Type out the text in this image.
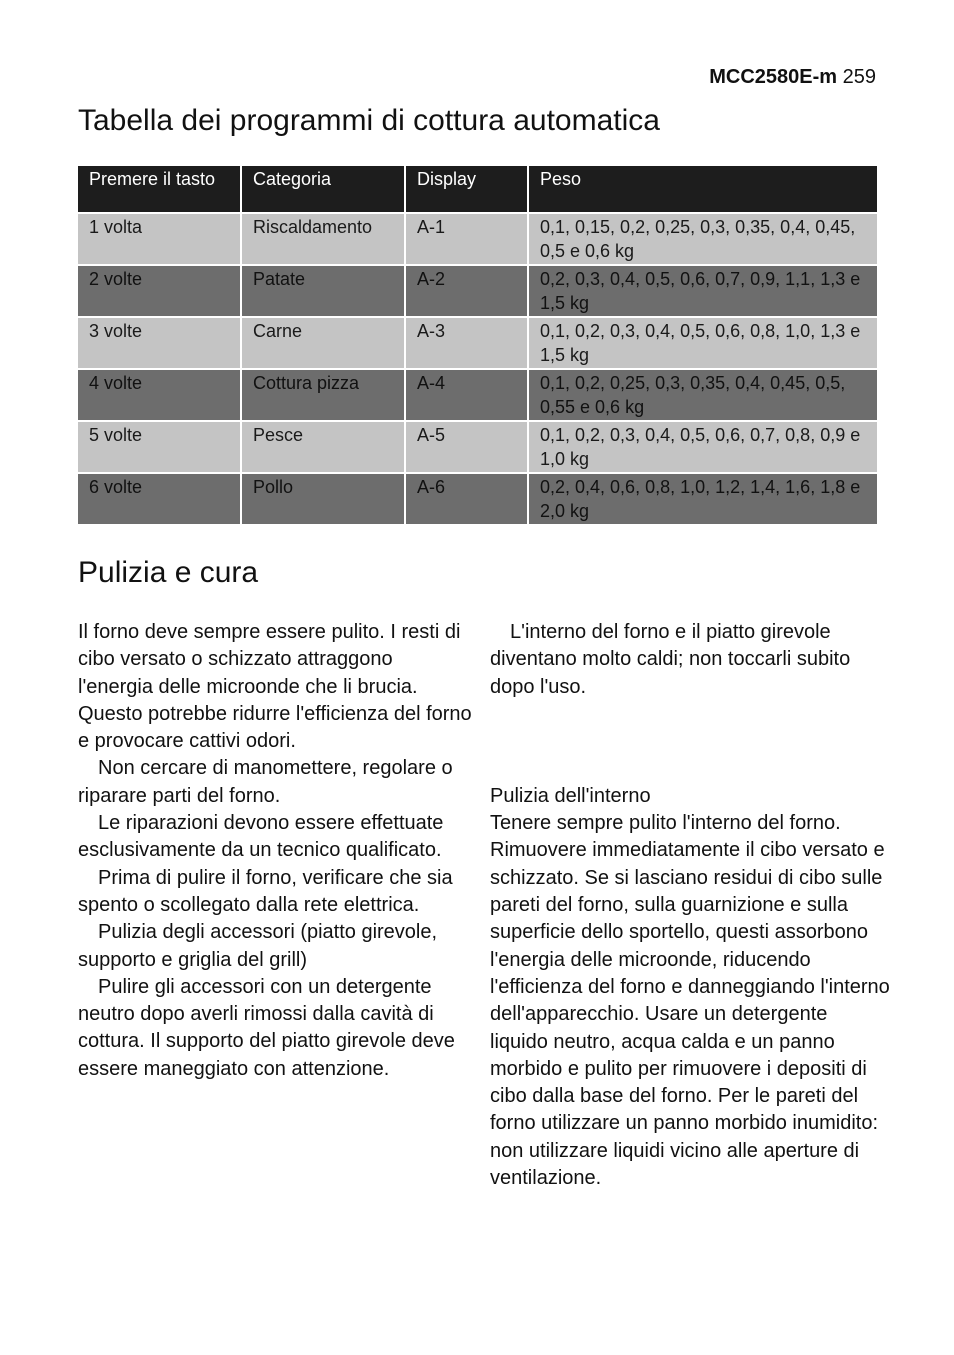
MCC2580E-m 259
Tabella dei programmi di cottura automatica
Premere il tasto	Categoria	Display	Peso
1 volta	Riscaldamento	A-1	0,1, 0,15, 0,2, 0,25, 0,3, 0,35, 0,4, 0,45, 0,5 e 0,6 kg
2 volte	Patate	A-2	0,2, 0,3, 0,4, 0,5, 0,6, 0,7, 0,9, 1,1, 1,3 e 1,5 kg
3 volte	Carne	A-3	0,1, 0,2, 0,3, 0,4, 0,5, 0,6, 0,8, 1,0, 1,3 e 1,5 kg
4 volte	Cottura pizza	A-4	0,1, 0,2, 0,25, 0,3, 0,35, 0,4, 0,45, 0,5, 0,55 e 0,6 kg
5 volte	Pesce	A-5	0,1, 0,2, 0,3, 0,4, 0,5, 0,6, 0,7, 0,8, 0,9 e 1,0 kg
6 volte	Pollo	A-6	0,2, 0,4, 0,6, 0,8, 1,0, 1,2, 1,4, 1,6, 1,8 e 2,0 kg
Pulizia e cura

Il forno deve sempre essere pulito. I resti di cibo versato o schizzato attraggono l'energia delle microonde che li brucia. Questo potrebbe ridurre l'efficienza del forno e provocare cattivi odori.

Non cercare di manomettere, regolare o riparare parti del forno.

Le riparazioni devono essere effettuate esclusivamente da un tecnico qualificato.

Prima di pulire il forno, verificare che sia spento o scollegato dalla rete elettrica.

Pulizia degli accessori (piatto girevole, supporto e griglia del grill)

Pulire gli accessori con un detergente neutro dopo averli rimossi dalla cavità di cottura. Il supporto del piatto girevole deve essere maneggiato con attenzione.

L'interno del forno e il piatto girevole diventano molto caldi; non toccarli subito dopo l'uso.

Pulizia dell'interno

Tenere sempre pulito l'interno del forno. Rimuovere immediatamente il cibo versato e schizzato. Se si lasciano residui di cibo sulle pareti del forno, sulla guarnizione e sulla superficie dello sportello, questi assorbono l'energia delle microonde, riducendo l'efficienza del forno e danneggiando l'interno dell'apparecchio. Usare un detergente liquido neutro, acqua calda e un panno morbido e pulito per rimuovere i depositi di cibo dalla base del forno. Per le pareti del forno utilizzare un panno morbido inumidito: non utilizzare liquidi vicino alle aperture di ventilazione.
